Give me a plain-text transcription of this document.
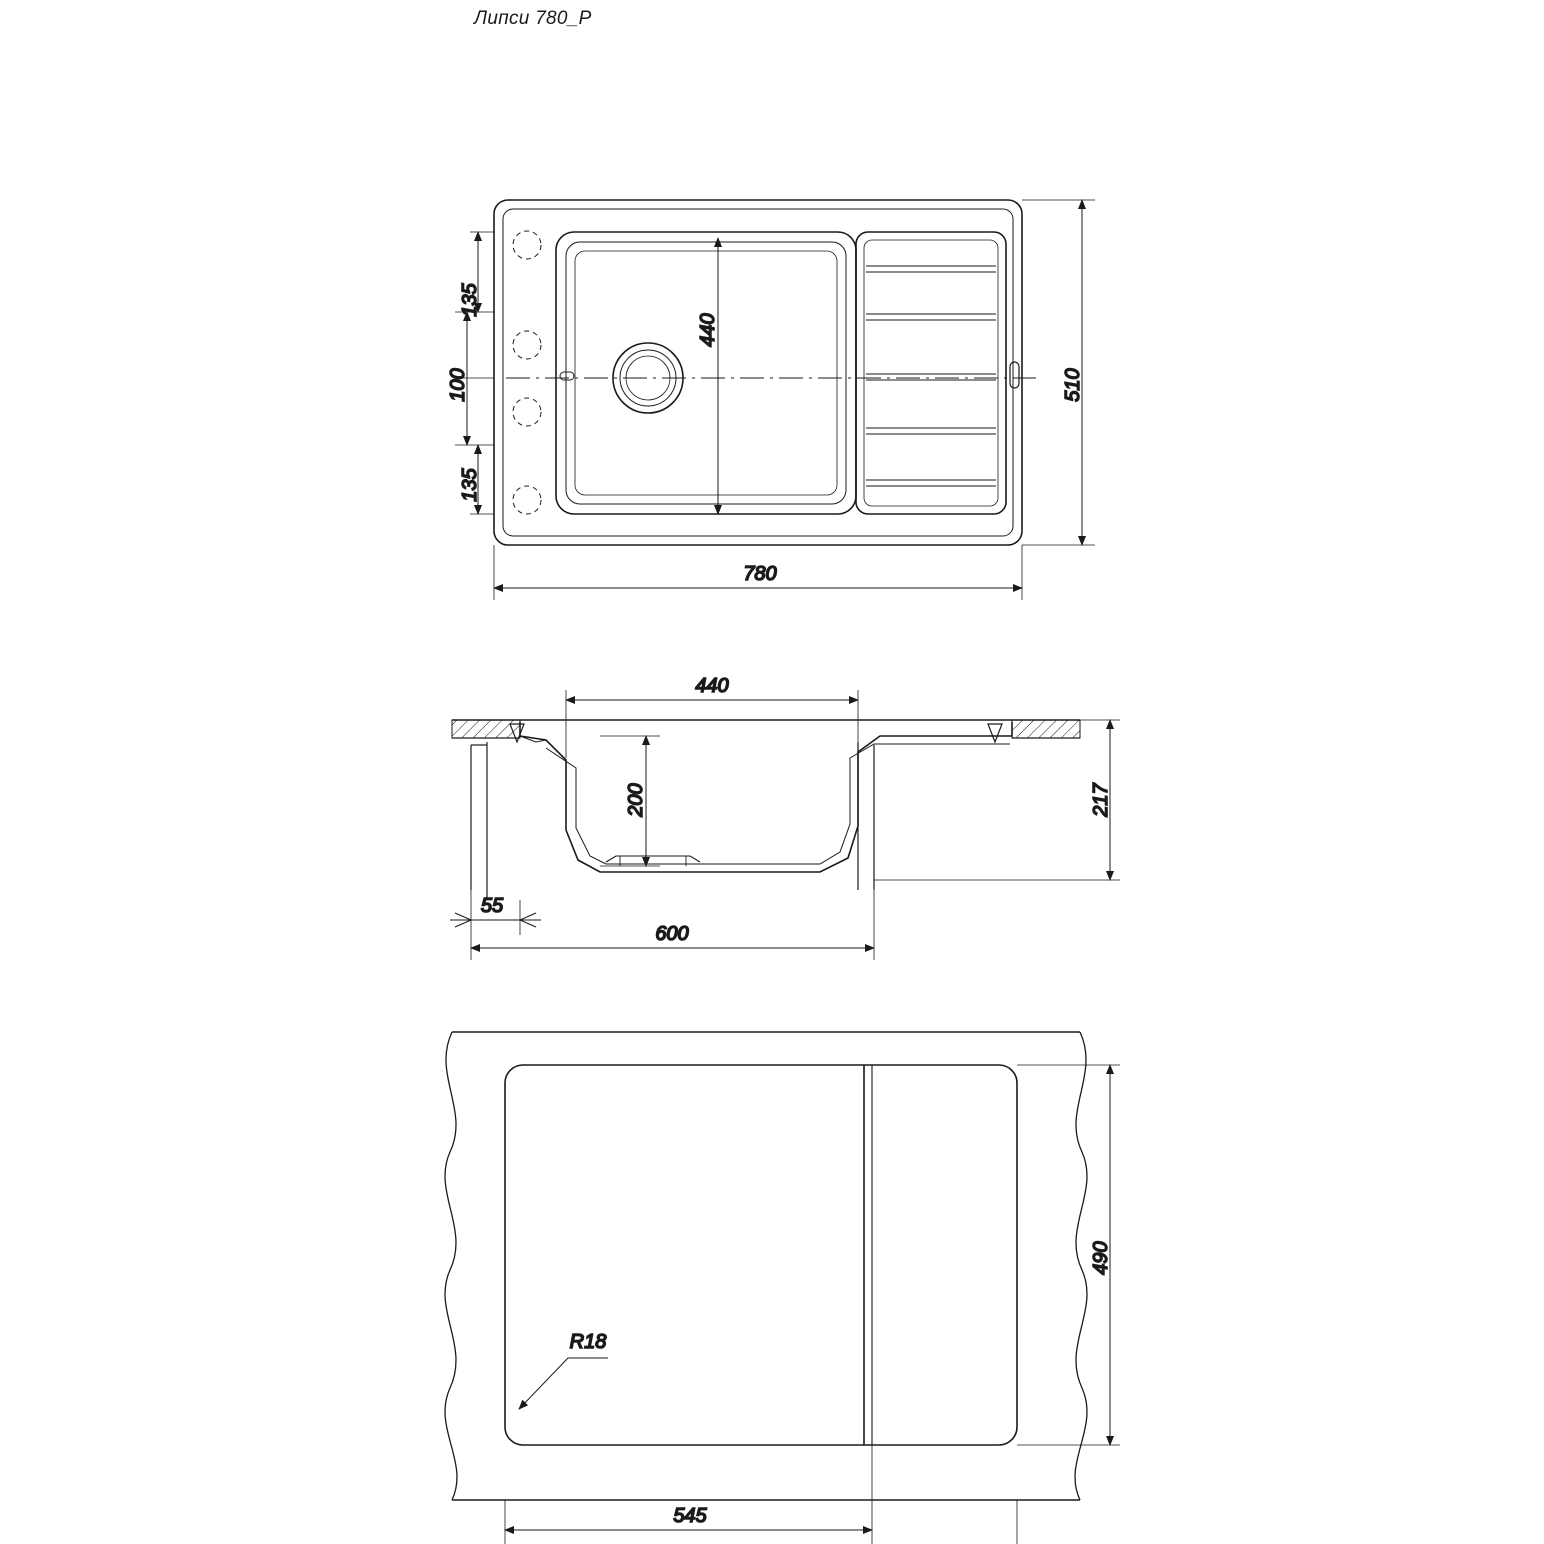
Липси 780_P
135
100
135
440
510
780
440
200	217
55
600
R18
490
545
